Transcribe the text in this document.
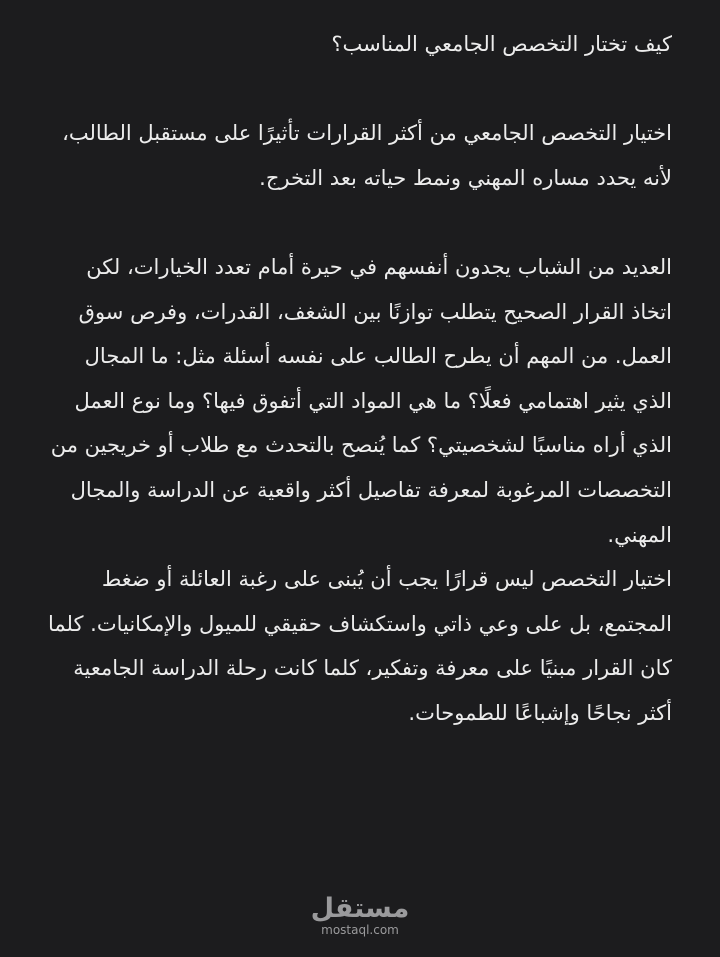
كيف تختار التخصص الجامعي المناسب؟

اختيار التخصص الجامعي من أكثر القرارات تأثيرًا على مستقبل الطالب، لأنه يحدد مساره المهني ونمط حياته بعد التخرج.

العديد من الشباب يجدون أنفسهم في حيرة أمام تعدد الخيارات، لكن اتخاذ القرار الصحيح يتطلب توازنًا بين الشغف، القدرات، وفرص سوق العمل. من المهم أن يطرح الطالب على نفسه أسئلة مثل: ما المجال الذي يثير اهتمامي فعلًا؟ ما هي المواد التي أتفوق فيها؟ وما نوع العمل الذي أراه مناسبًا لشخصيتي؟ كما يُنصح بالتحدث مع طلاب أو خريجين من التخصصات المرغوبة لمعرفة تفاصيل أكثر واقعية عن الدراسة والمجال المهني.

اختيار التخصص ليس قرارًا يجب أن يُبنى على رغبة العائلة أو ضغط المجتمع، بل على وعي ذاتي واستكشاف حقيقي للميول والإمكانيات. كلما كان القرار مبنيًا على معرفة وتفكير، كلما كانت رحلة الدراسة الجامعية أكثر نجاحًا وإشباعًا للطموحات.

مستقل
mostaql.com
